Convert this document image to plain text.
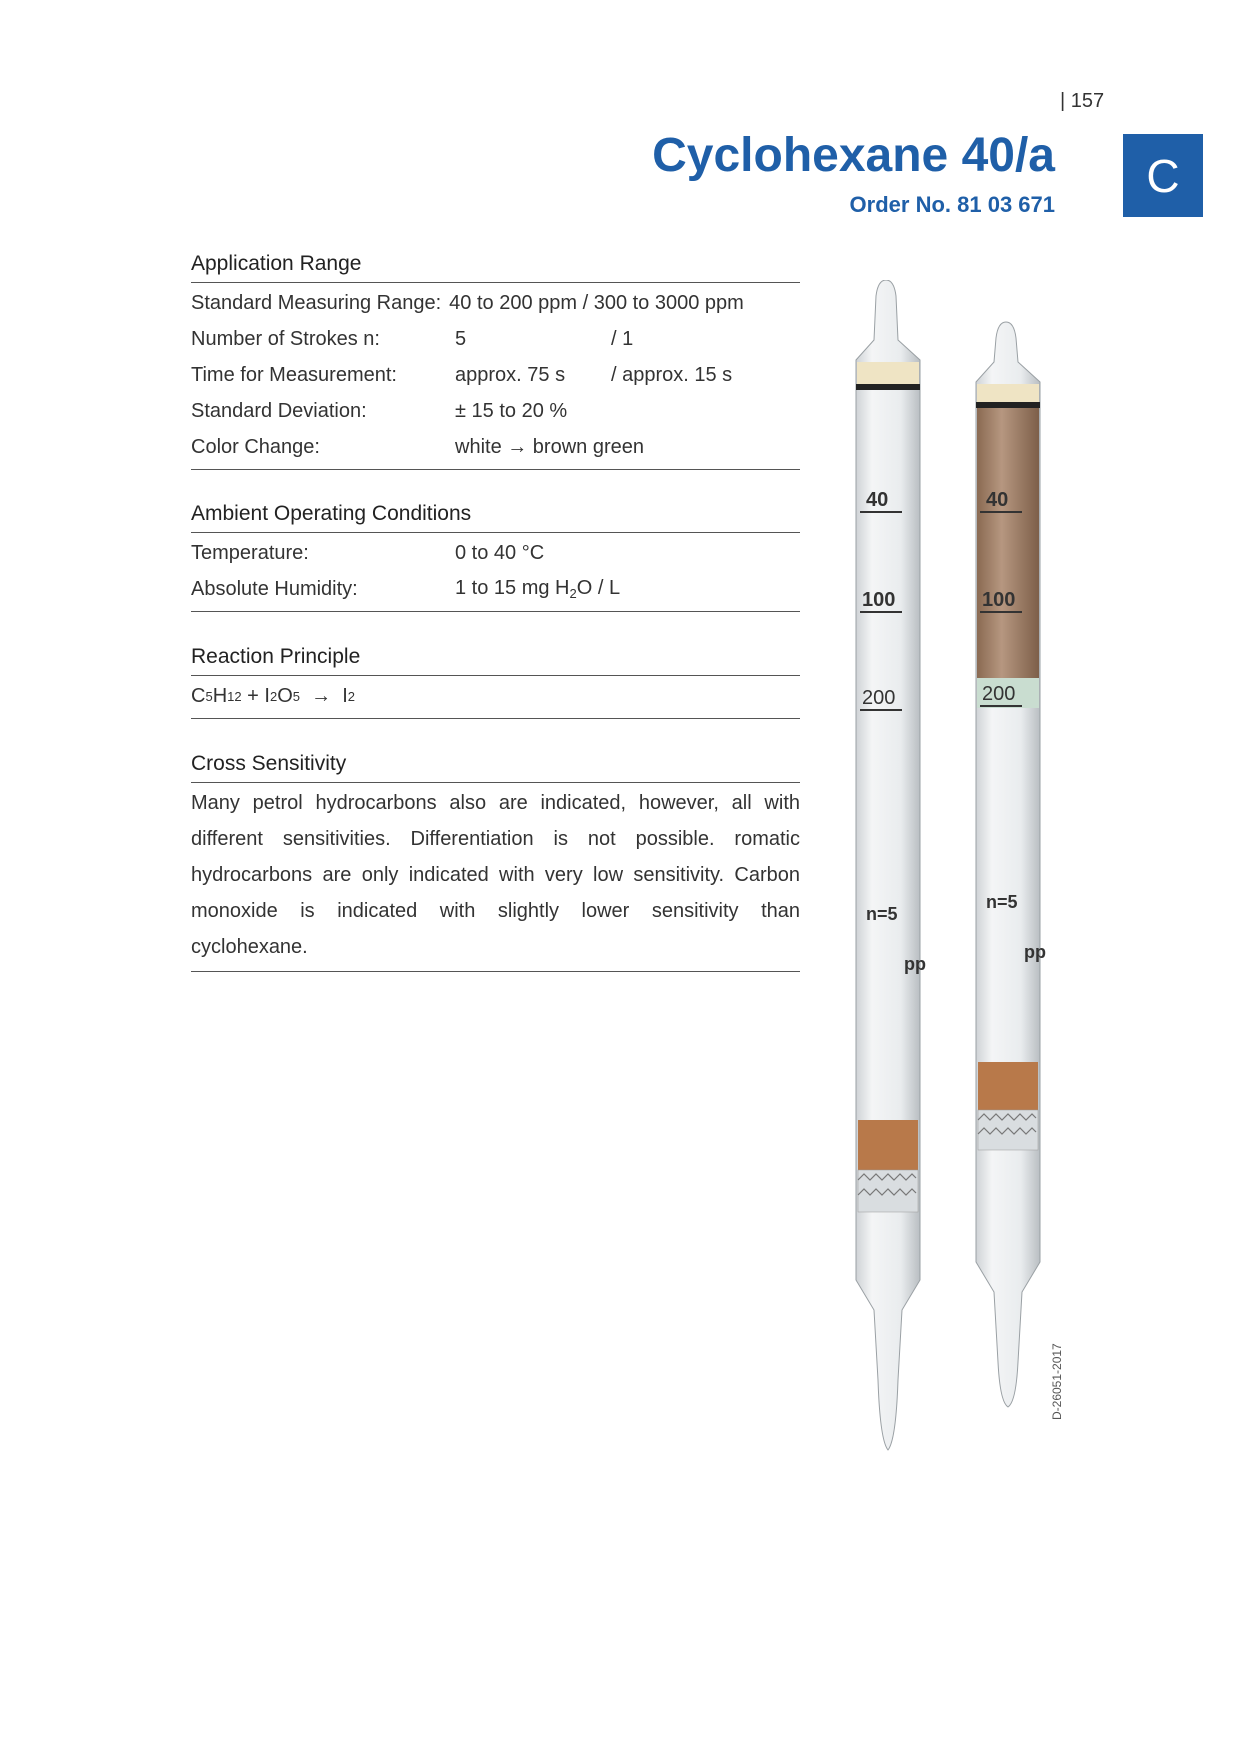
| 157
Cyclohexane 40/a
Order No. 81 03 671
C
Application Range
Standard Measuring Range: 40 to 200 ppm / 300 to 3000 ppm
Number of Strokes n:	5	/ 1
Time for Measurement:	approx. 75 s	/ approx. 15 s
Standard Deviation:	± 15 to 20 %
Color Change:	white → brown green
Ambient Operating Conditions
Temperature:	0 to 40 °C
Absolute Humidity:	1 to 15 mg $H_2O$ / L
Reaction Principle
C 5 H 12 + I 2 O 5 →  I 2
Cross Sensitivity
Many petrol hydrocarbons also are indicated, however, all with different sensitivities. Differentiation is not possible. romatic hydrocarbons are only indicated with very low sensitivity. Carbon monoxide is indicated with slightly lower sensitivity than cyclohexane.
40
100
200
n=5
pp
40
100
200
n=5
pp
D-26051-2017
